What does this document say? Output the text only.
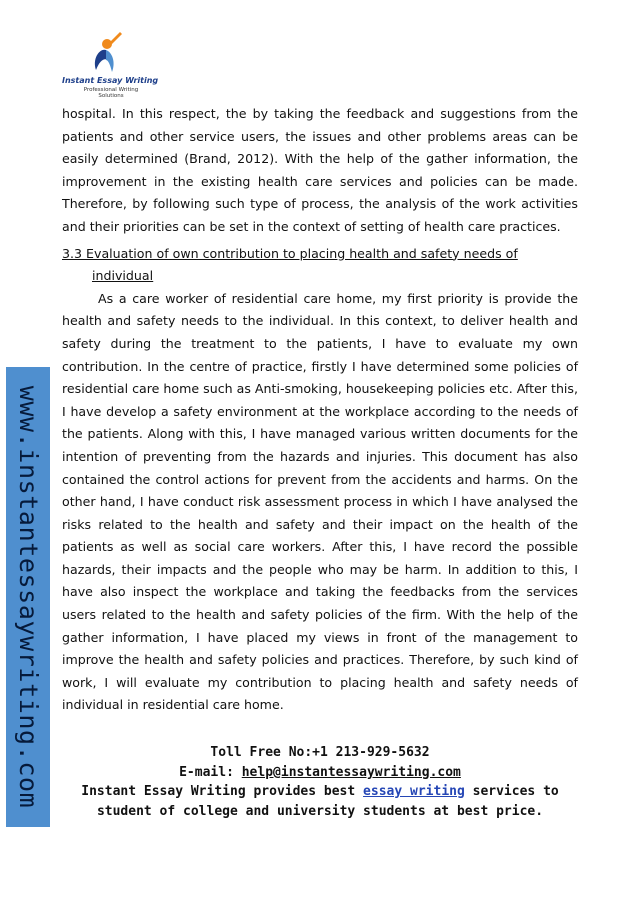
Instant Essay Writing
Professional Writing
Solutions
www.instantessaywriting.com

hospital. In this respect, the by taking the feedback and suggestions from the patients and other service users, the issues and other problems areas can be easily determined (Brand, 2012). With the help of the gather information, the improvement in the existing health care services and policies can be made. Therefore, by following such type of process, the analysis of the work activities and their priorities can be set in the context of setting of health care practices.

3.3 Evaluation of own contribution to placing health and safety needs of
individual

As a care worker of residential care home, my first priority is provide the health and safety needs to the individual. In this context, to deliver health and safety during the treatment to the patients, I have to evaluate my own contribution. In the centre of practice, firstly I have determined some policies of residential care home such as Anti-smoking, housekeeping policies etc. After this, I have develop a safety environment at the workplace according to the needs of the patients. Along with this, I have managed various written documents for the intention of preventing from the hazards and injuries. This document has also contained the control actions for prevent from the accidents and harms. On the other hand, I have conduct risk assessment process in which I have analysed the risks related to the health and safety and their impact on the health of the patients as well as social care workers. After this, I have record the possible hazards, their impacts and the people who may be harm. In addition to this, I have also inspect the workplace and taking the feedbacks from the services users related to the health and safety policies of the firm. With the help of the gather information, I have placed my views in front of the management to improve the health and safety policies and practices. Therefore, by such kind of work, I will evaluate my contribution to placing health and safety needs of individual in residential care home.

Toll Free No:+1 213-929-5632
E-mail: help@instantessaywriting.com
Instant Essay Writing provides best essay writing services to
student of college and university students at best price.
